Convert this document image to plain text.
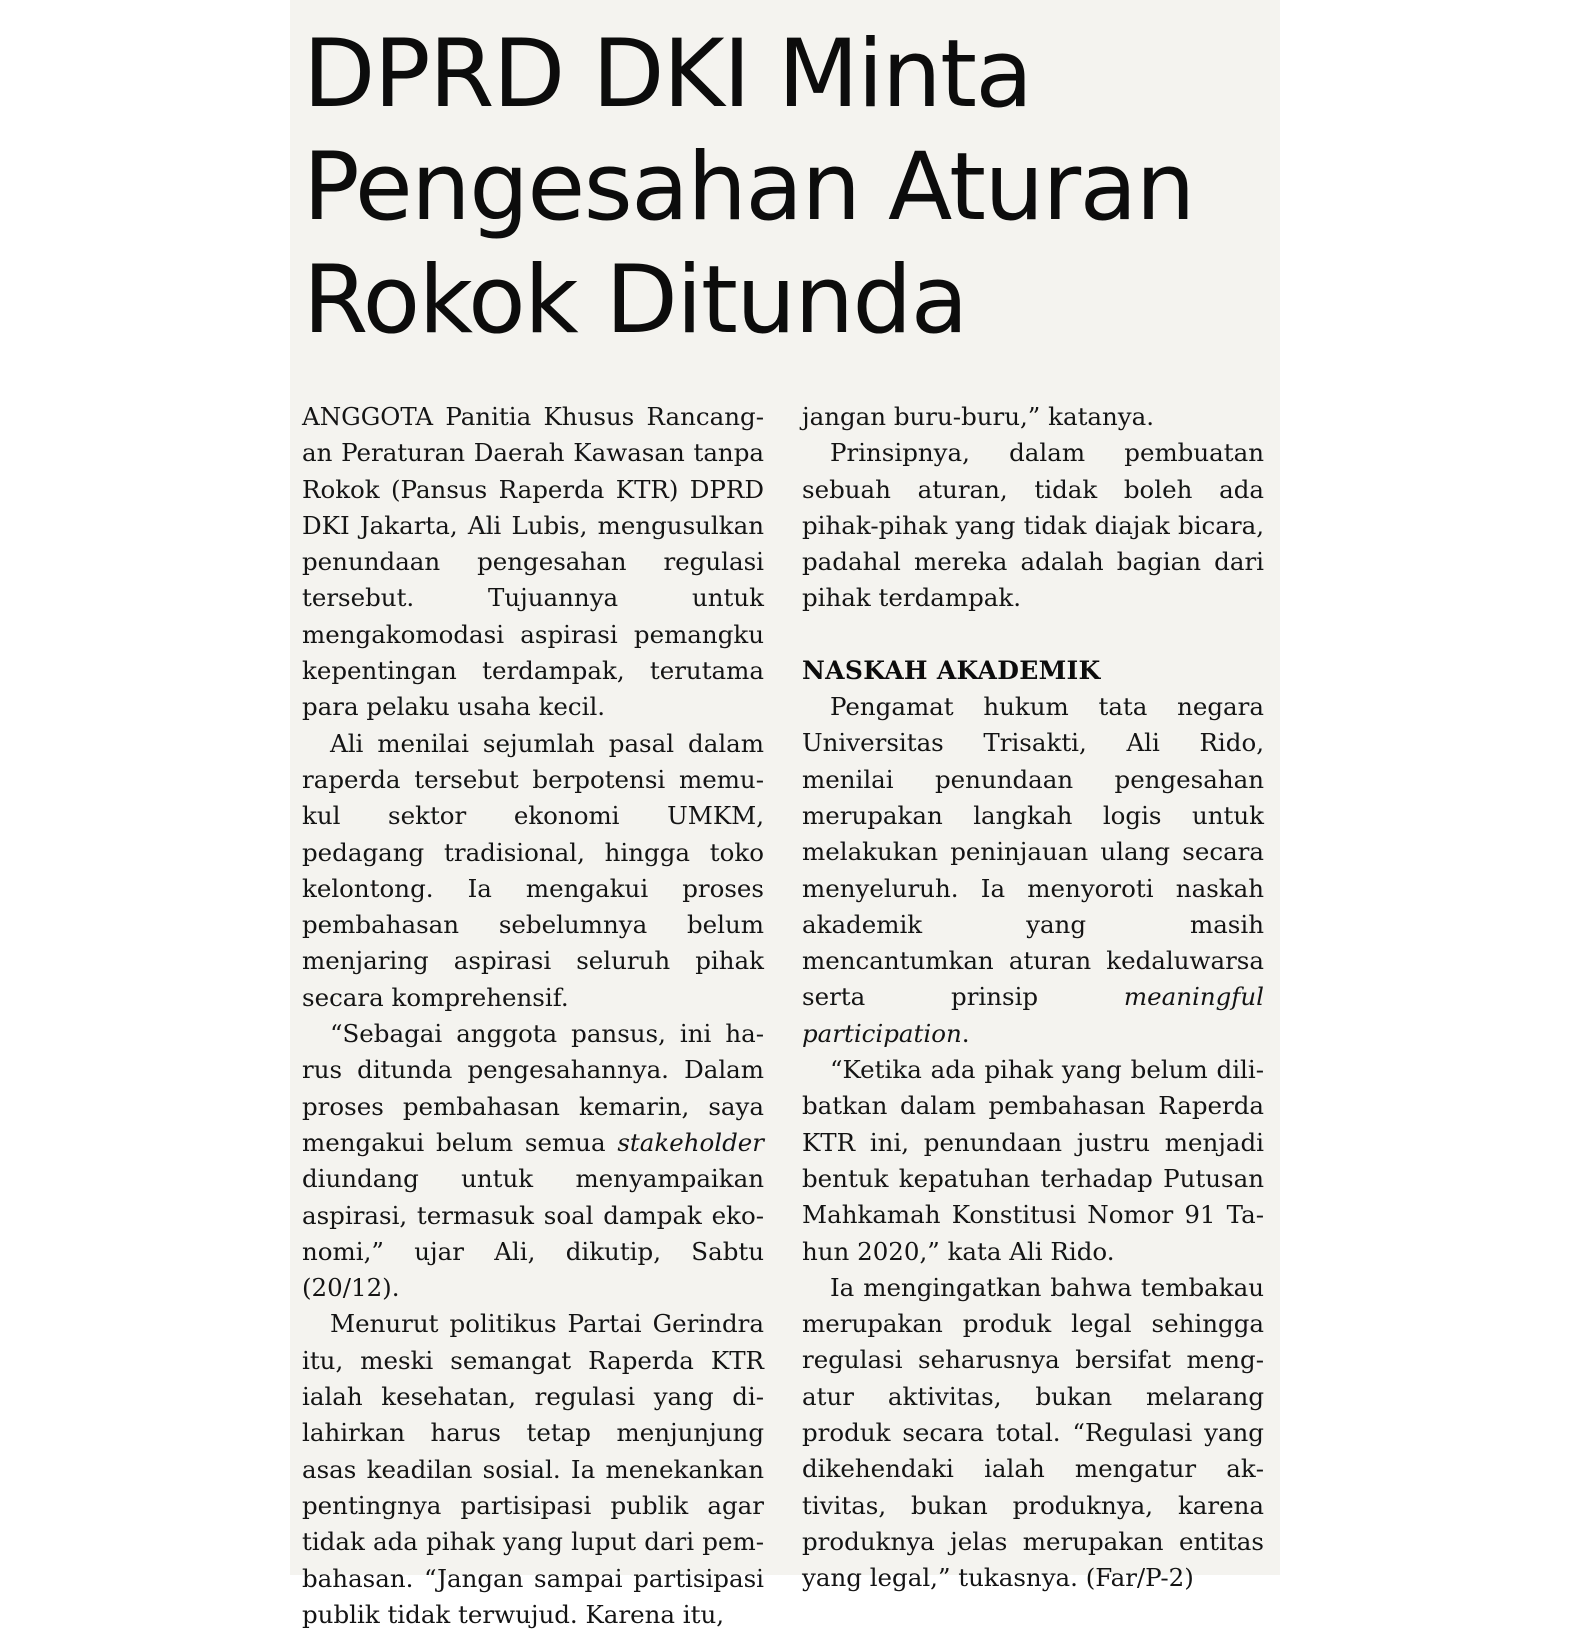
DPRD DKI Minta
Pengesahan Aturan
Rokok Ditunda

ANGGOTA Panitia Khusus Rancangan Peraturan Daerah Kawasan tanpa Rokok (Pansus Raperda KTR) DPRD DKI Jakarta, Ali Lubis, mengusulkan penundaan pengesahan regulasi tersebut. Tujuannya untuk mengakomodasi aspirasi pemangku kepentingan terdampak, terutama para pelaku usaha kecil.

Ali menilai sejumlah pasal dalam raperda tersebut berpotensi memukul sektor ekonomi UMKM, pedagang tradisional, hingga toko kelontong. Ia mengakui proses pembahasan sebelumnya belum menjaring aspirasi seluruh pihak secara komprehensif.

“Sebagai anggota pansus, ini harus ditunda pengesahannya. Dalam proses pembahasan kemarin, saya mengakui belum semua stakeholder diundang untuk menyampaikan aspirasi, termasuk soal dampak ekonomi,” ujar Ali, dikutip, Sabtu (20/12).

Menurut politikus Partai Gerindra itu, meski semangat Raperda KTR ialah kesehatan, regulasi yang dilahirkan harus tetap menjunjung asas keadilan sosial. Ia menekankan pentingnya partisipasi publik agar tidak ada pihak yang luput dari pembahasan. “Jangan sampai partisipasi publik tidak terwujud. Karena itu,

jangan buru-buru,” katanya.

Prinsipnya, dalam pembuatan sebuah aturan, tidak boleh ada pihak-pihak yang tidak diajak bicara, padahal mereka adalah bagian dari pihak terdampak.

NASKAH AKADEMIK

Pengamat hukum tata negara Universitas Trisakti, Ali Rido, menilai penundaan pengesahan merupakan langkah logis untuk melakukan peninjauan ulang secara menyeluruh. Ia menyoroti naskah akademik yang masih mencantumkan aturan kedaluwarsa serta prinsip meaningful participation.

“Ketika ada pihak yang belum dilibatkan dalam pembahasan Raperda KTR ini, penundaan justru menjadi bentuk kepatuhan terhadap Putusan Mahkamah Konstitusi Nomor 91 Tahun 2020,” kata Ali Rido.

Ia mengingatkan bahwa tembakau merupakan produk legal sehingga regulasi seharusnya bersifat mengatur aktivitas, bukan melarang produk secara total. “Regulasi yang dikehendaki ialah mengatur aktivitas, bukan produknya, karena produknya jelas merupakan entitas yang legal,” tukasnya. (Far/P-2)
